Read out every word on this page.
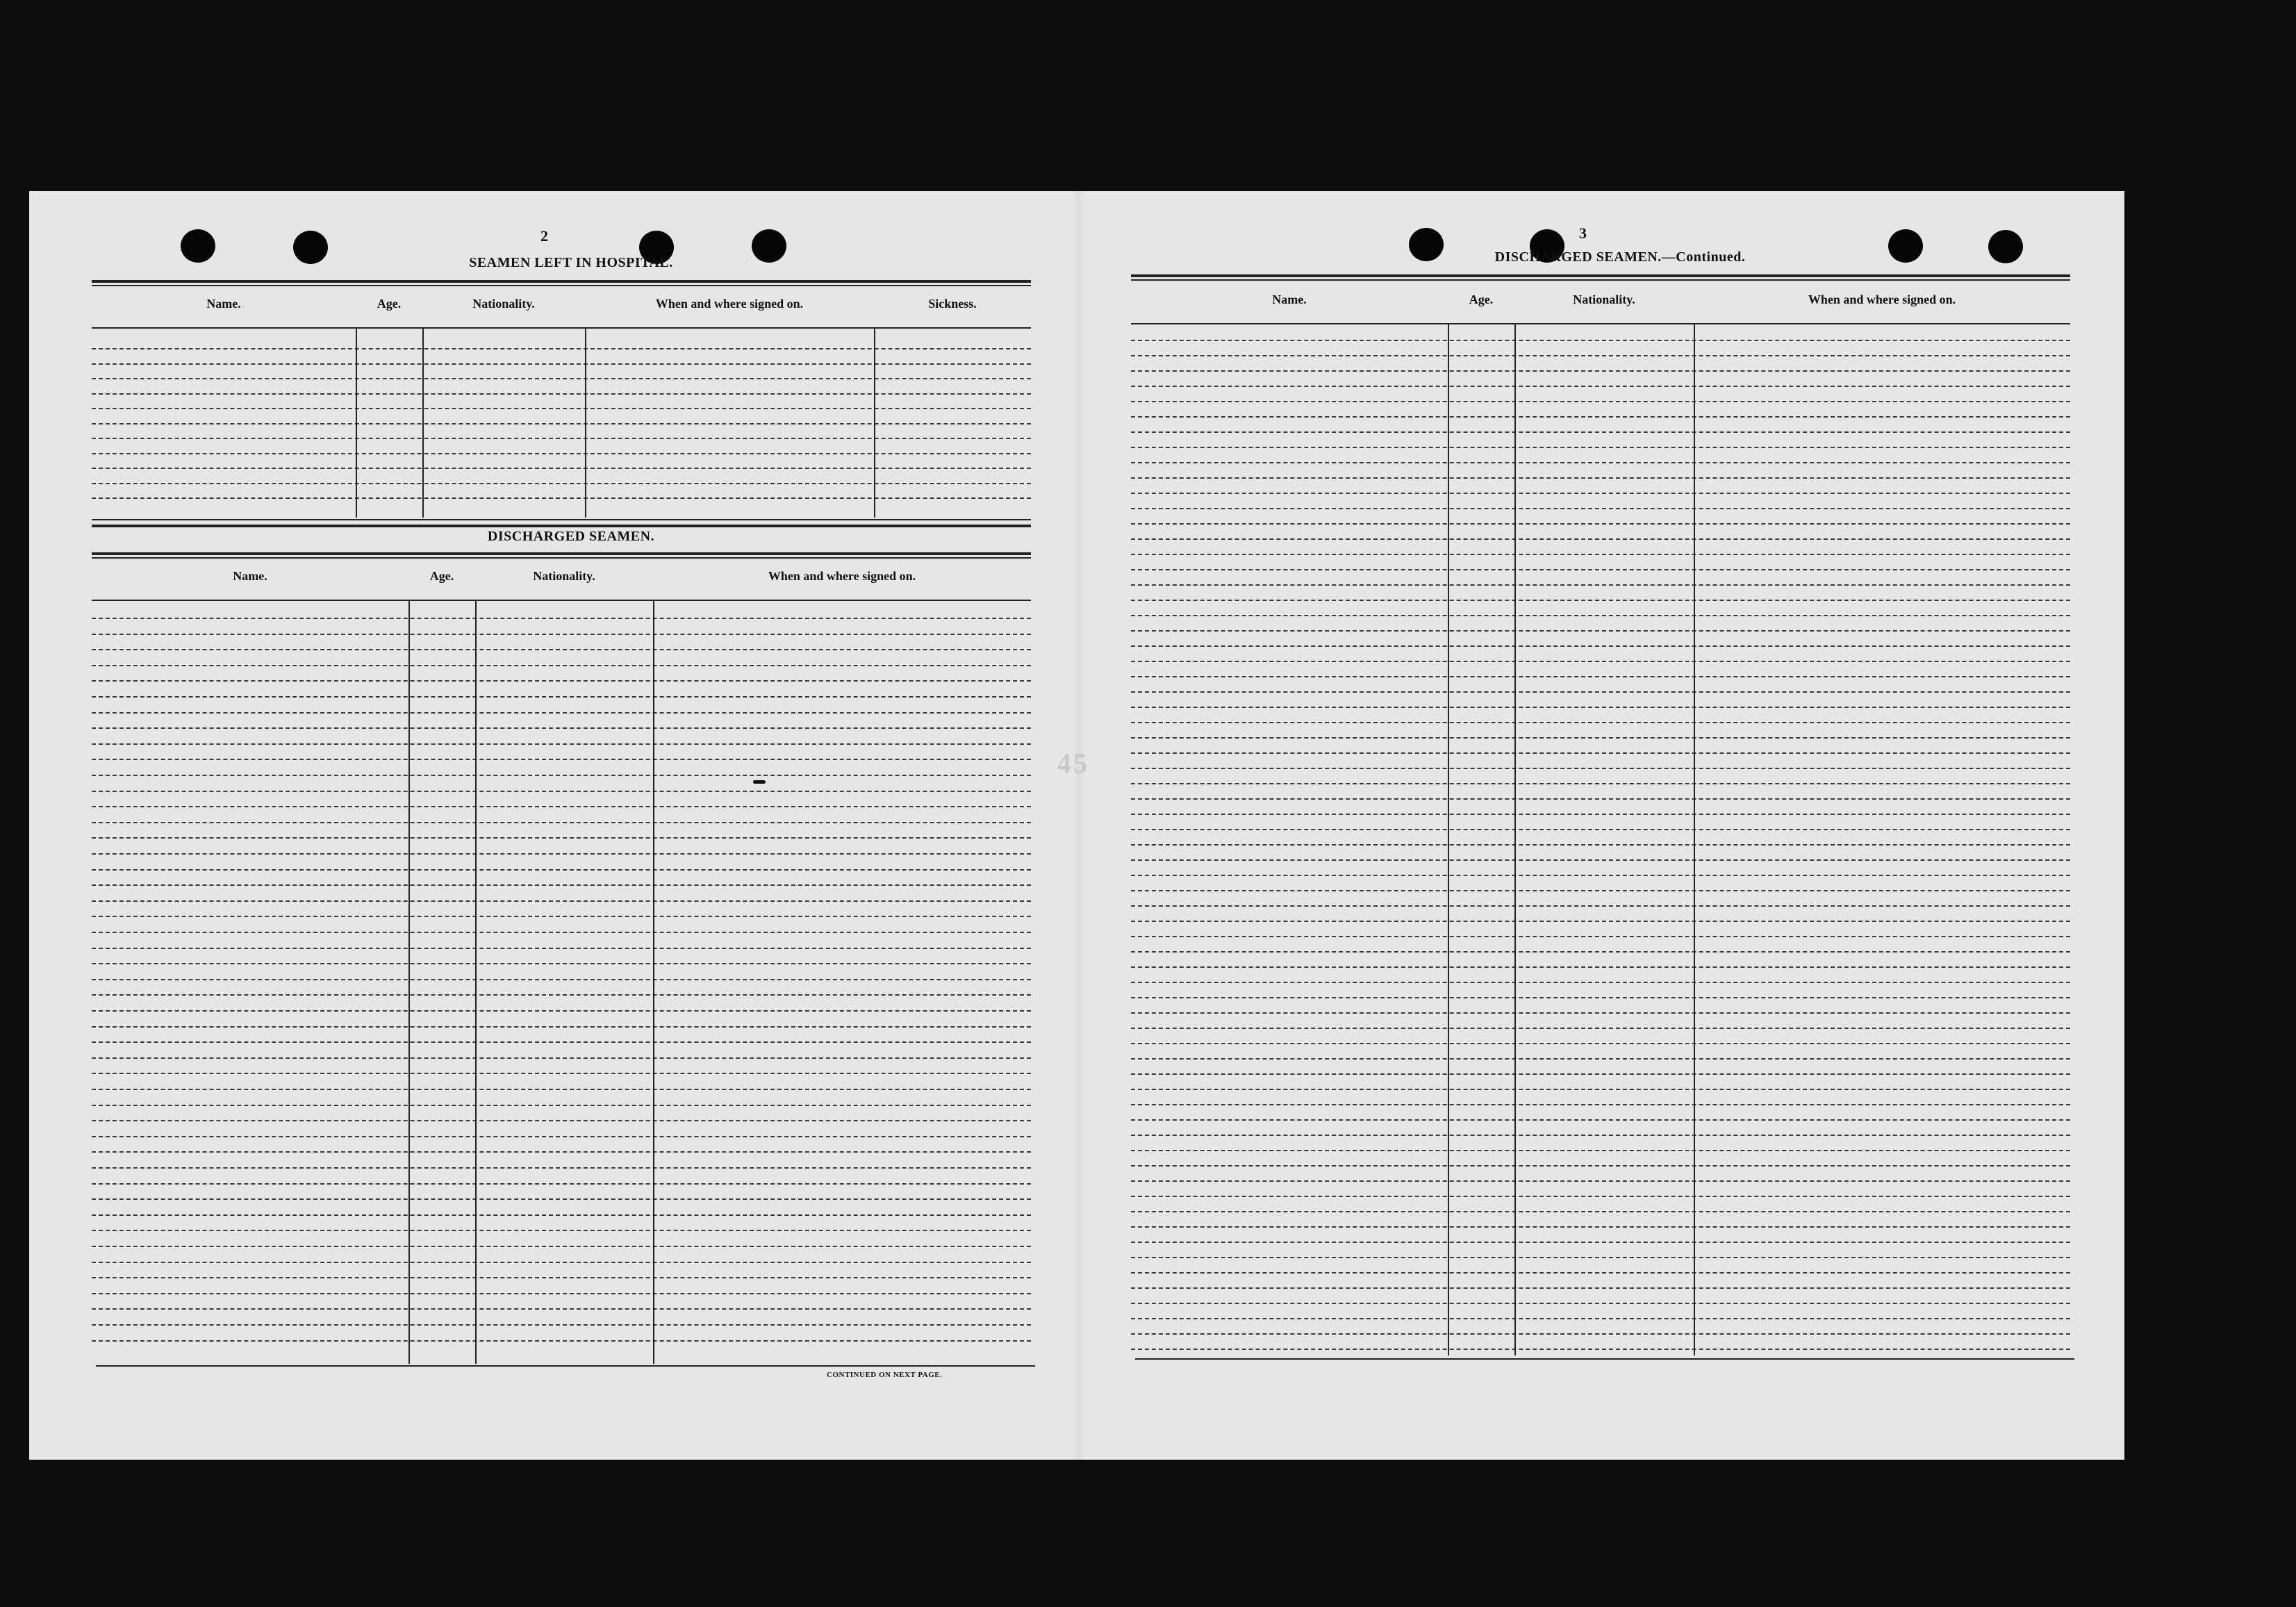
45
2
SEAMEN LEFT IN HOSPITAL.
Name.	Age.	Nationality.	When and where signed on.	Sickness.
DISCHARGED SEAMEN.
Name.	Age.	Nationality.	When and where signed on.
CONTINUED ON NEXT PAGE.
3
DISCHARGED SEAMEN.—Continued.
Name.	Age.	Nationality.	When and where signed on.
